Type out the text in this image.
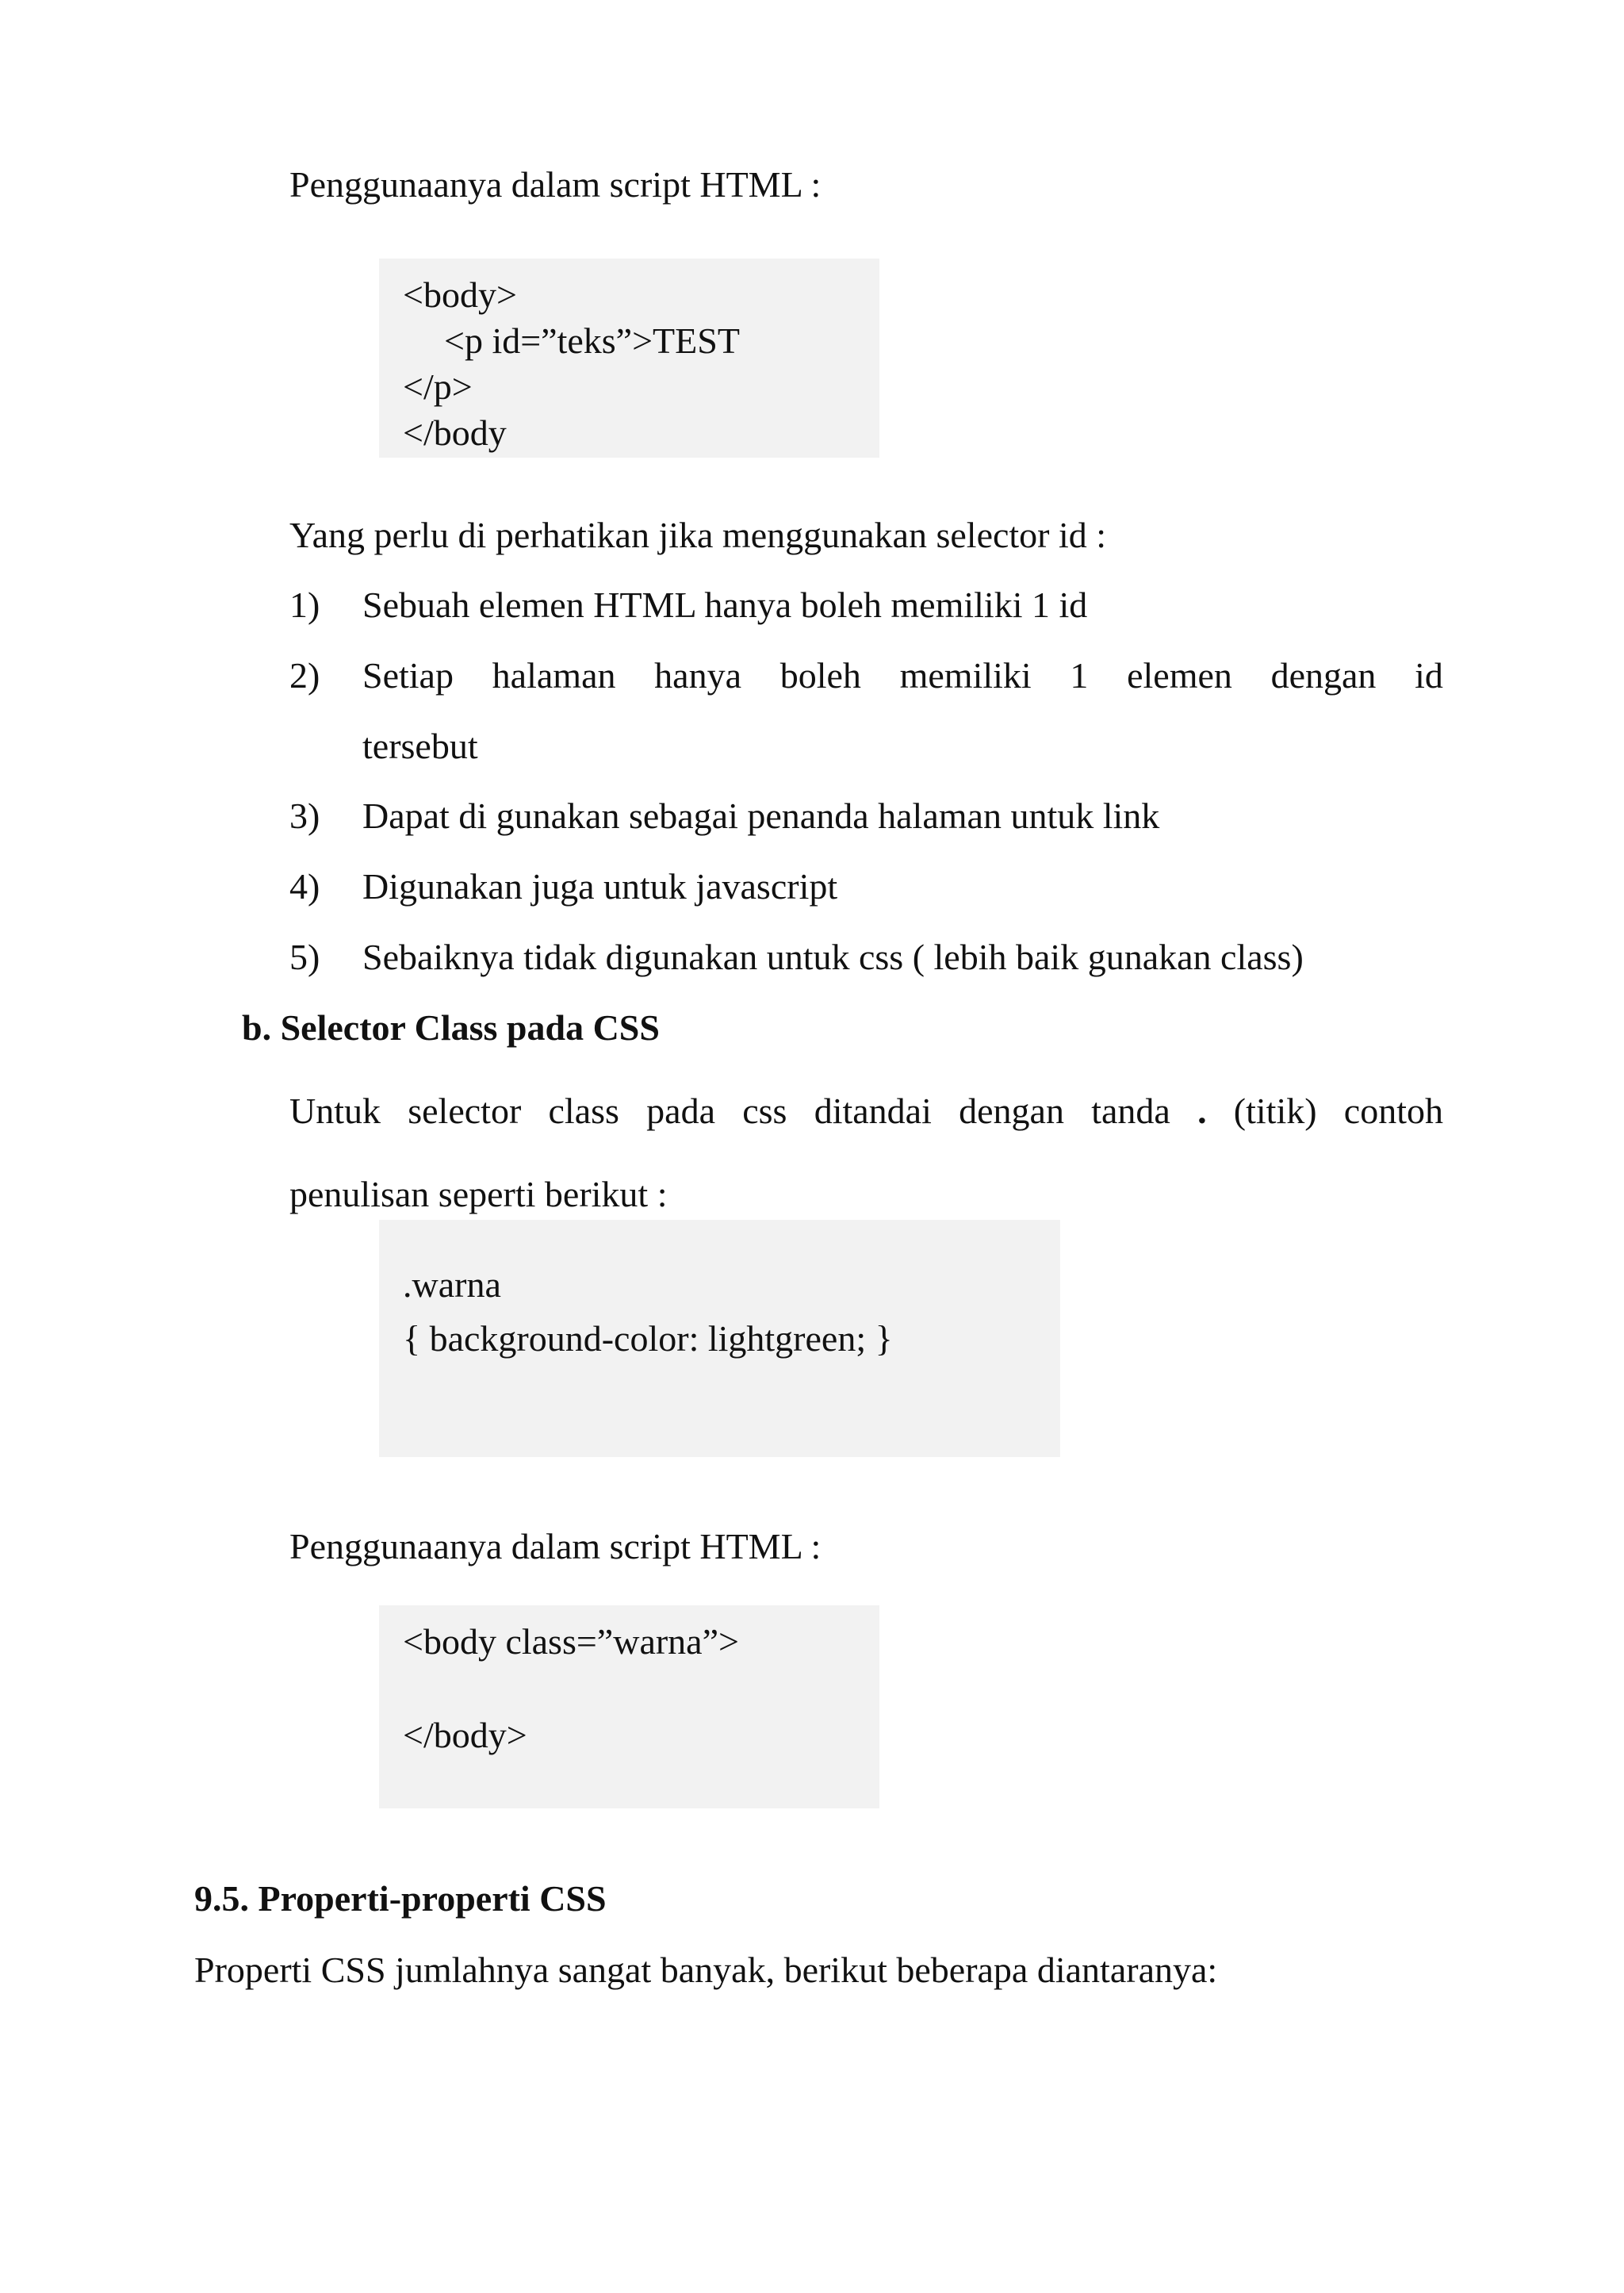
Penggunaanya dalam script HTML :
<body>
<p id=”teks”>TEST
</p>
</body
Yang perlu di perhatikan jika menggunakan selector id :
1) Sebuah elemen HTML hanya boleh memiliki 1 id
2) Setiap halaman hanya boleh memiliki 1 elemen dengan id
tersebut
3) Dapat di gunakan sebagai penanda halaman untuk link
4) Digunakan juga untuk javascript
5) Sebaiknya tidak digunakan untuk css ( lebih baik gunakan class)
b. Selector Class pada CSS
Untuk selector class pada css ditandai dengan tanda . (titik) contoh
penulisan seperti berikut :
.warna
{ background-color: lightgreen; }
Penggunaanya dalam script HTML :
<body class=”warna”>
</body>
9.5. Properti-properti CSS
Properti CSS jumlahnya sangat banyak, berikut beberapa diantaranya:
